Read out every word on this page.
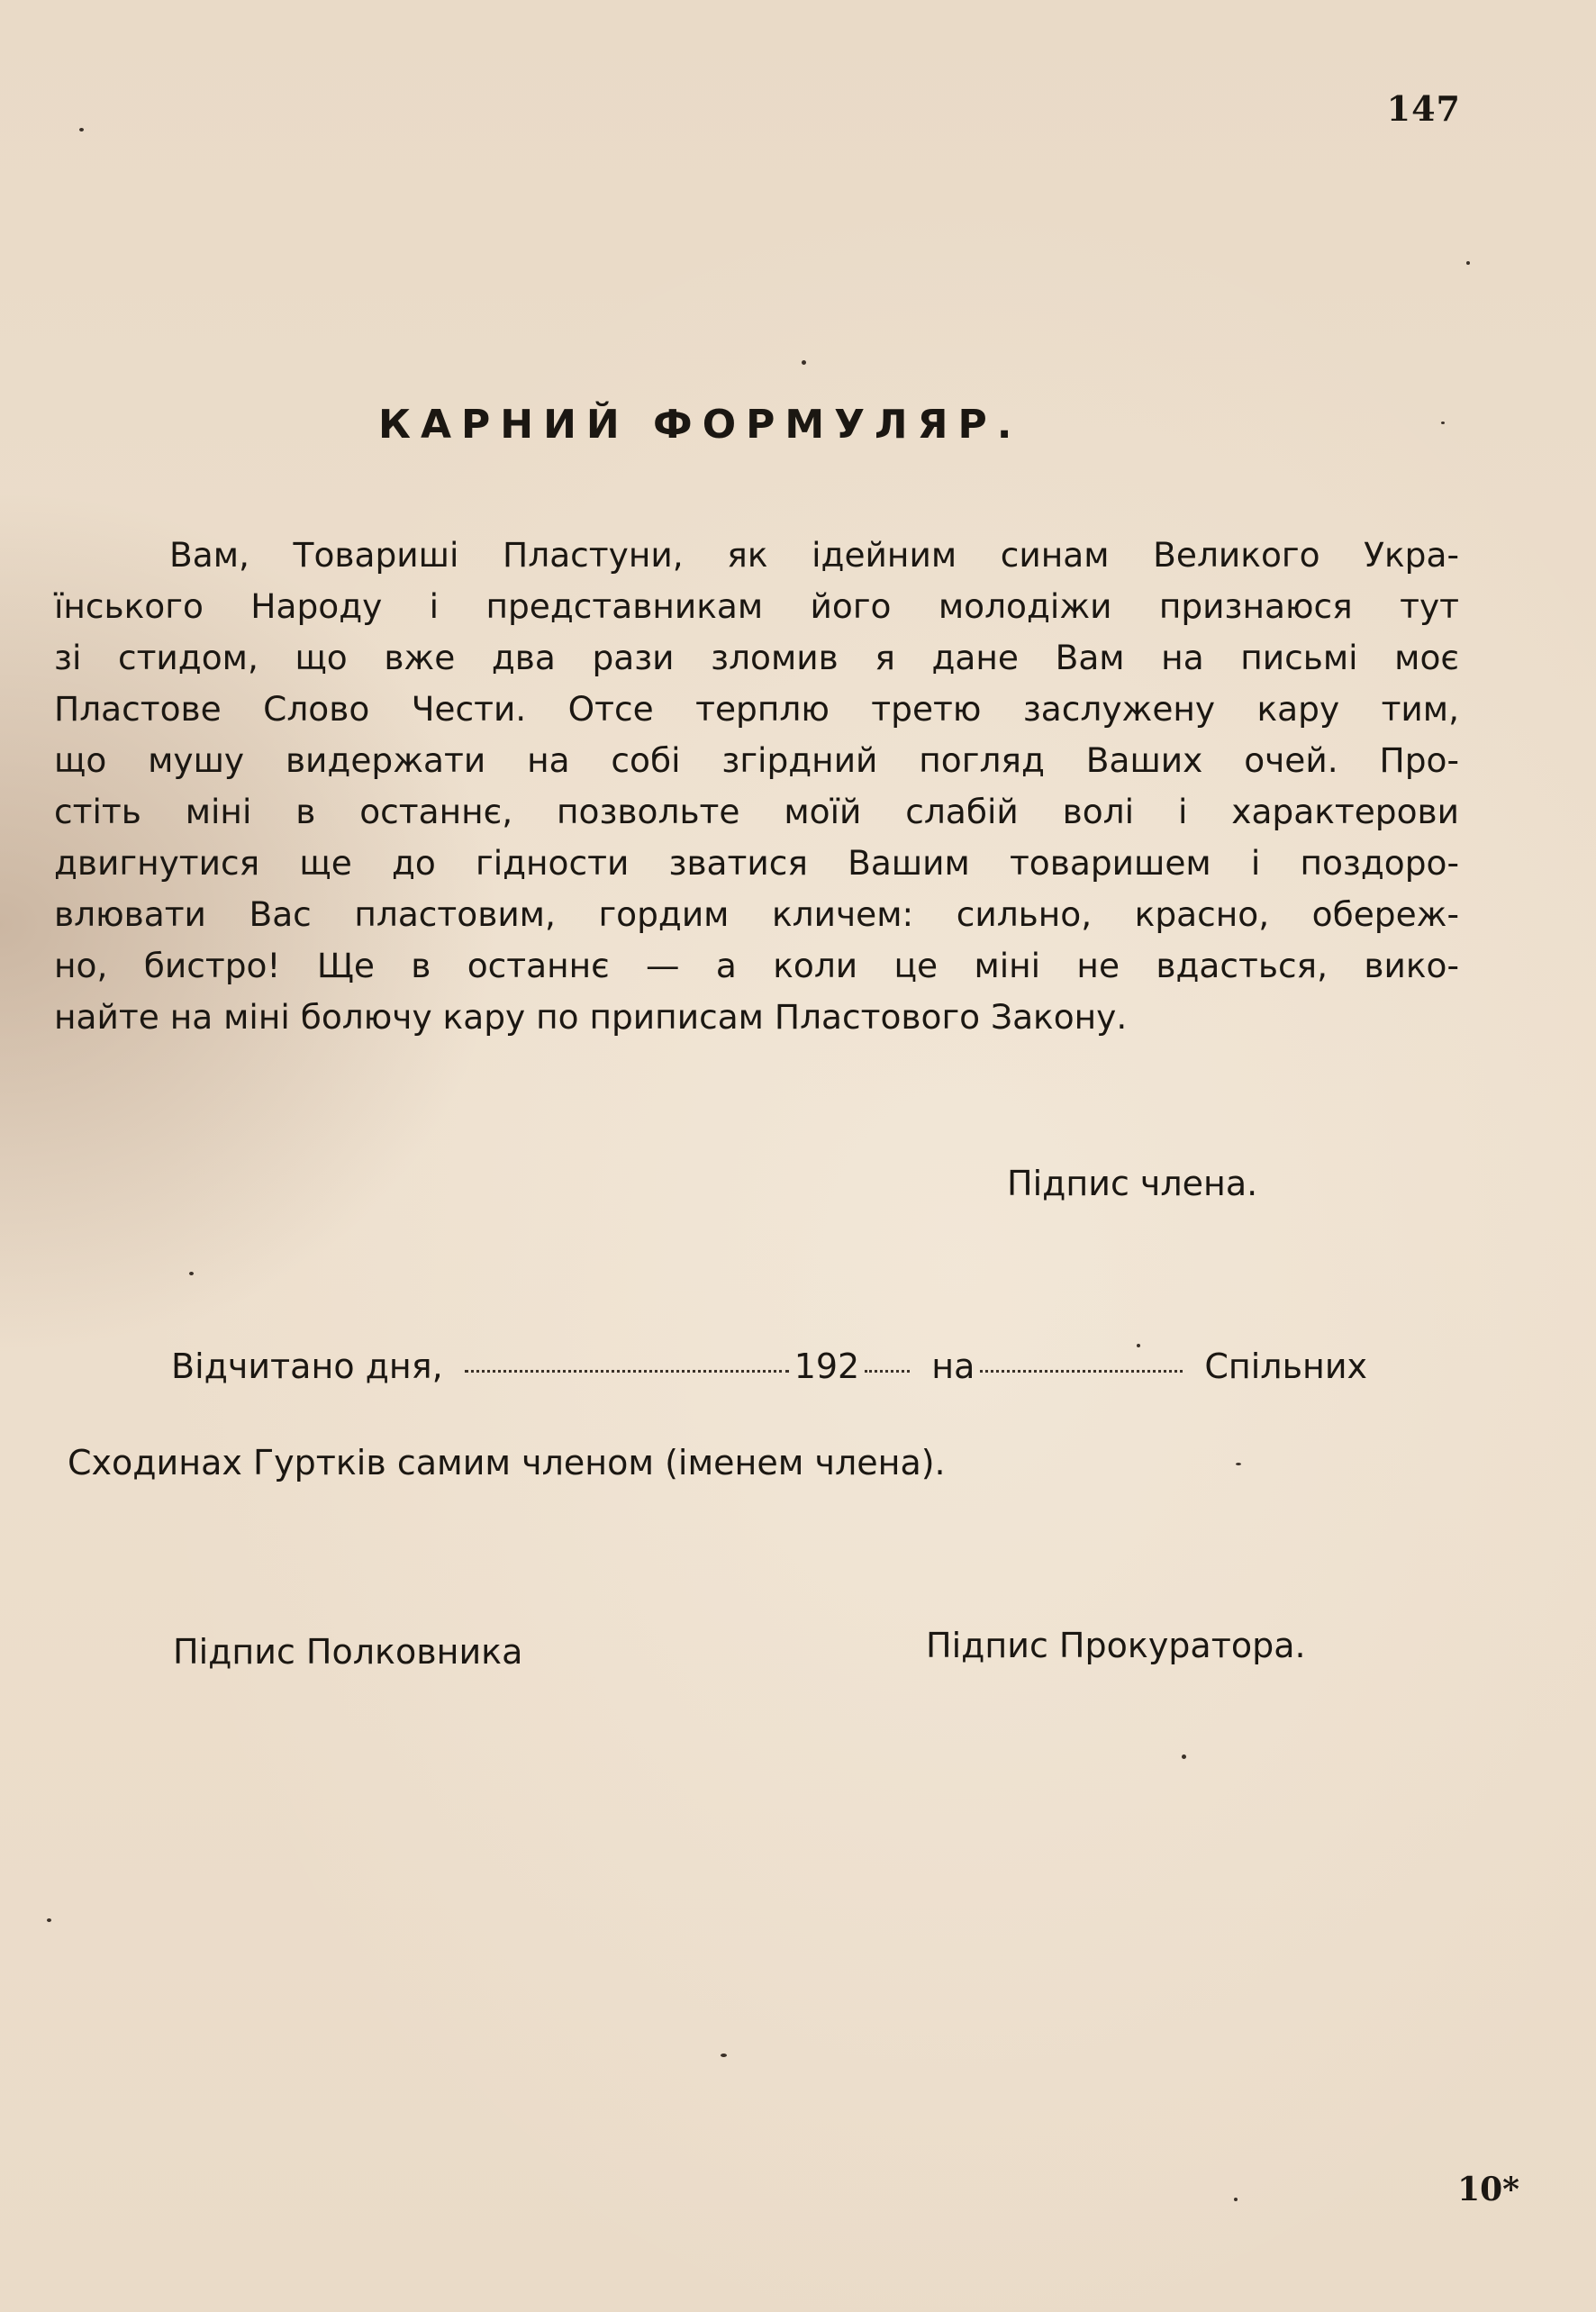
147
КАРНИЙ ФОРМУЛЯР.
Вам, Товариші Пластуни, як ідейним синам Великого Укра-
їнського Народу і представникам його молодіжи признаюся тут
зі стидом, що вже два рази зломив я дане Вам на письмі моє
Пластове Слово Чести. Отсе терплю третю заслужену кару тим,
що мушу видержати на собі згірдний погляд Ваших очей. Про-
стіть міні в останнє, позвольте моїй слабій волі і характерови
двигнутися ще до гідности зватися Вашим товаришем і поздоро-
влювати Вас пластовим, гордим кличем: сильно, красно, обереж-
но, бистро! Ще в останнє — а коли це міні не вдасться, вико-
найте на міні болючу кару по приписам Пластового Закону.
Підпис члена.
Відчитано дня,	192 на	Спільних
Сходинах Гуртків самим членом (іменем члена).
Підпис Полковника	Підпис Прокуратора.
10*
